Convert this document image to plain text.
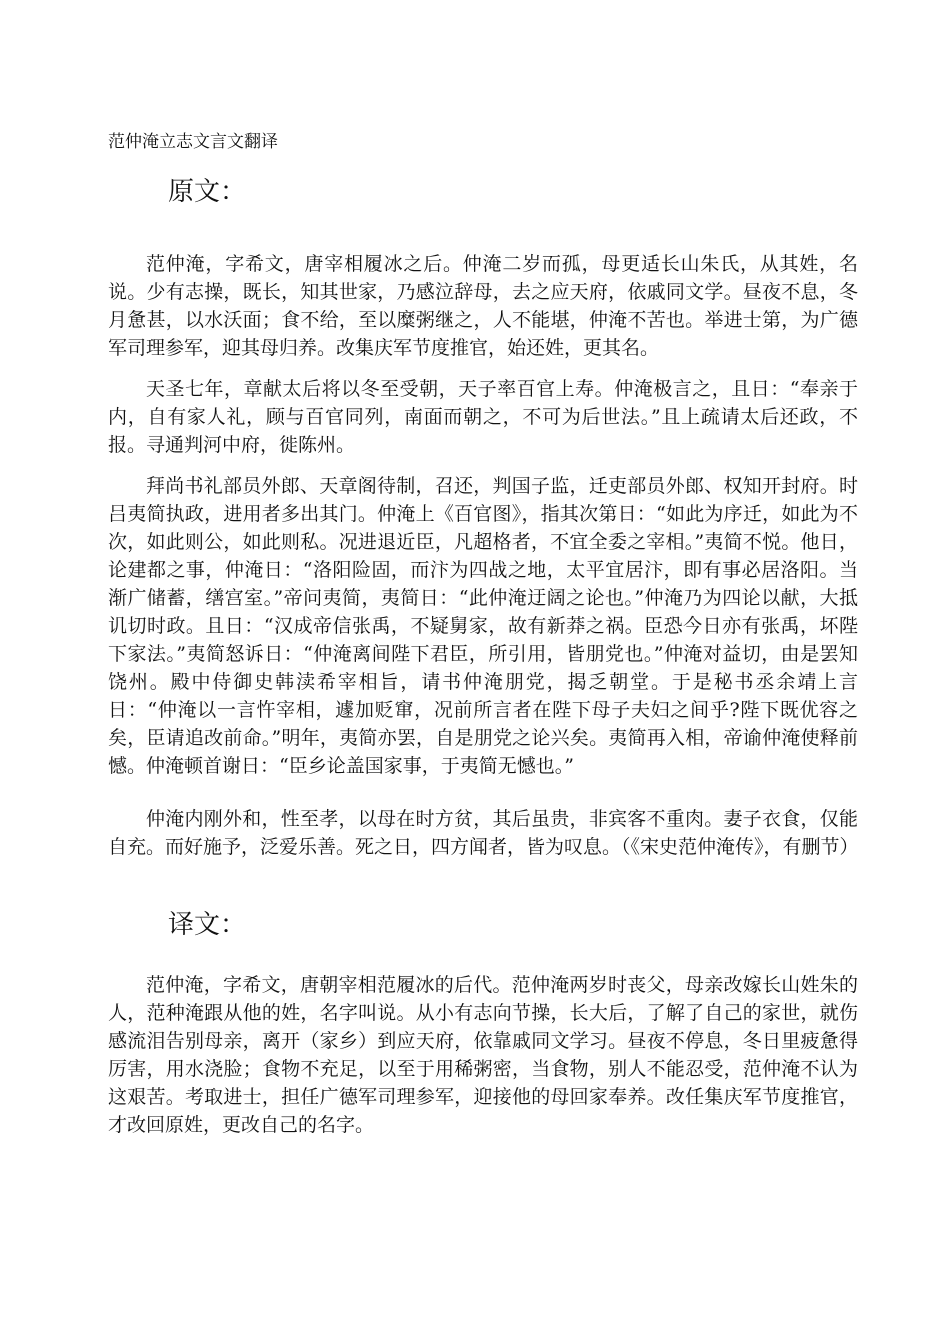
范仲淹立志文言文翻译
原文：

范仲淹，字希文，唐宰相履冰之后。仲淹二岁而孤，母更适长山朱氏，从其姓，名说。少有志操，既长，知其世家，乃感泣辞母，去之应天府，依戚同文学。昼夜不息，冬月惫甚，以水沃面；食不给，至以糜粥继之，人不能堪，仲淹不苦也。举进士第，为广德军司理参军，迎其母归养。改集庆军节度推官，始还姓，更其名。

天圣七年，章献太后将以冬至受朝，天子率百官上寿。仲淹极言之，且日：“奉亲于内，自有家人礼，顾与百官同列，南面而朝之，不可为后世法。”且上疏请太后还政，不报。寻通判河中府，徙陈州。

拜尚书礼部员外郎、天章阁待制，召还，判国子监，迁吏部员外郎、权知开封府。时吕夷简执政，进用者多出其门。仲淹上《百官图》，指其次第日：“如此为序迁，如此为不次，如此则公，如此则私。况进退近臣，凡超格者，不宜全委之宰相。”夷简不悦。他日，论建都之事，仲淹日：“洛阳险固，而汴为四战之地，太平宜居汴，即有事必居洛阳。当渐广储蓄，缮宫室。”帝问夷简，夷简日：“此仲淹迂阔之论也。”仲淹乃为四论以献，大抵讥切时政。且日：“汉成帝信张禹，不疑舅家，故有新莽之祸。臣恐今日亦有张禹，坏陛下家法。”夷简怒诉日：“仲淹离间陛下君臣，所引用，皆朋党也。”仲淹对益切，由是罢知饶州。殿中侍御史韩渎希宰相旨，请书仲淹朋党，揭乏朝堂。于是秘书丞余靖上言日：“仲淹以一言忤宰相，遽加贬窜，况前所言者在陛下母子夫妇之间乎?陛下既优容之矣，臣请追改前命。”明年，夷简亦罢，自是朋党之论兴矣。夷简再入相，帝谕仲淹使释前憾。仲淹顿首谢日：“臣乡论盖国家事，于夷简无憾也。”

仲淹内刚外和，性至孝，以母在时方贫，其后虽贵，非宾客不重肉。妻子衣食，仅能自充。而好施予，泛爱乐善。死之日，四方闻者，皆为叹息。（《宋史范仲淹传》，有删节）

译文：

范仲淹，字希文，唐朝宰相范履冰的后代。范仲淹两岁时丧父，母亲改嫁长山姓朱的人，范种淹跟从他的姓，名字叫说。从小有志向节操，长大后，了解了自己的家世，就伤感流泪告别母亲，离开（家乡）到应天府，依靠戚同文学习。昼夜不停息，冬日里疲惫得厉害，用水浇脸；食物不充足，以至于用稀粥密，当食物，别人不能忍受，范仲淹不认为这艰苦。考取进士，担任广德军司理参军，迎接他的母回家奉养。改任集庆军节度推官，才改回原姓，更改自己的名字。
